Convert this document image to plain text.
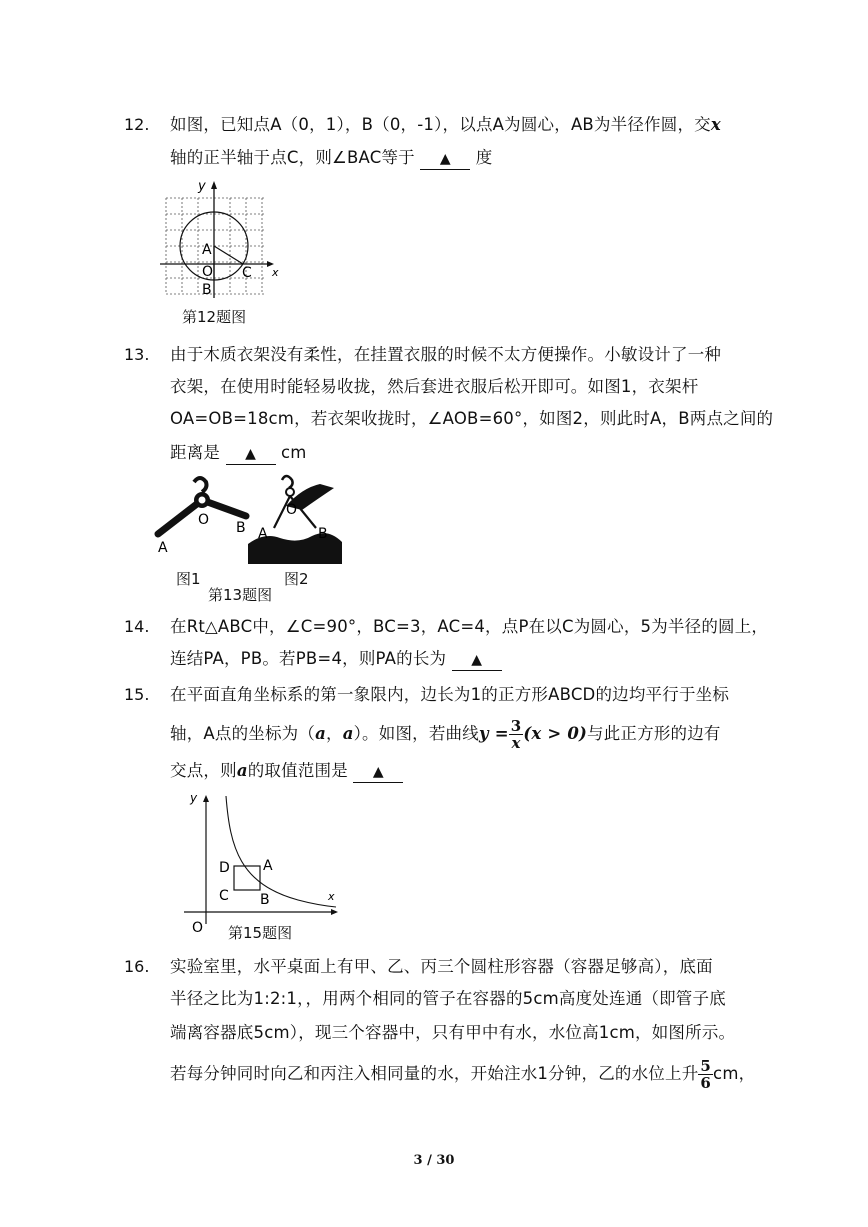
12. 如图，已知点A（0，1），B（0，-1），以点A为圆心，AB为半径作圆，交x
轴的正半轴于点C，则∠BAC等于 ▲ 度
y
x
A
O
B
C
第12题图
13. 由于木质衣架没有柔性，在挂置衣服的时候不太方便操作。小敏设计了一种
衣架，在使用时能轻易收拢，然后套进衣服后松开即可。如图1，衣架杆
OA=OB=18cm，若衣架收拢时，∠AOB=60°，如图2，则此时A，B两点之间的
距离是 ▲ cm
O
A
B
O
A	B
图1	图2
第13题图
14. 在Rt△ABC中，∠C=90°，BC=3，AC=4，点P在以C为圆心，5为半径的圆上，
连结PA，PB。若PB=4，则PA的长为 ▲
15. 在平面直角坐标系的第一象限内，边长为1的正方形ABCD的边均平行于坐标
轴，A点的坐标为（a，a）。如图，若曲线$y = \frac{3}{x} (x > 0)$与此正方形的边有
交点，则a的取值范围是 ▲
y
x
O
D A
C B
第15题图
16. 实验室里，水平桌面上有甲、乙、丙三个圆柱形容器（容器足够高），底面
半径之比为1:2:1，，用两个相同的管子在容器的5cm高度处连通（即管子底
端离容器底5cm），现三个容器中，只有甲中有水，水位高1cm，如图所示。
若每分钟同时向乙和丙注入相同量的水，开始注水1分钟，乙的水位上升 $\frac{5}{6}$ cm，
3 / 30
